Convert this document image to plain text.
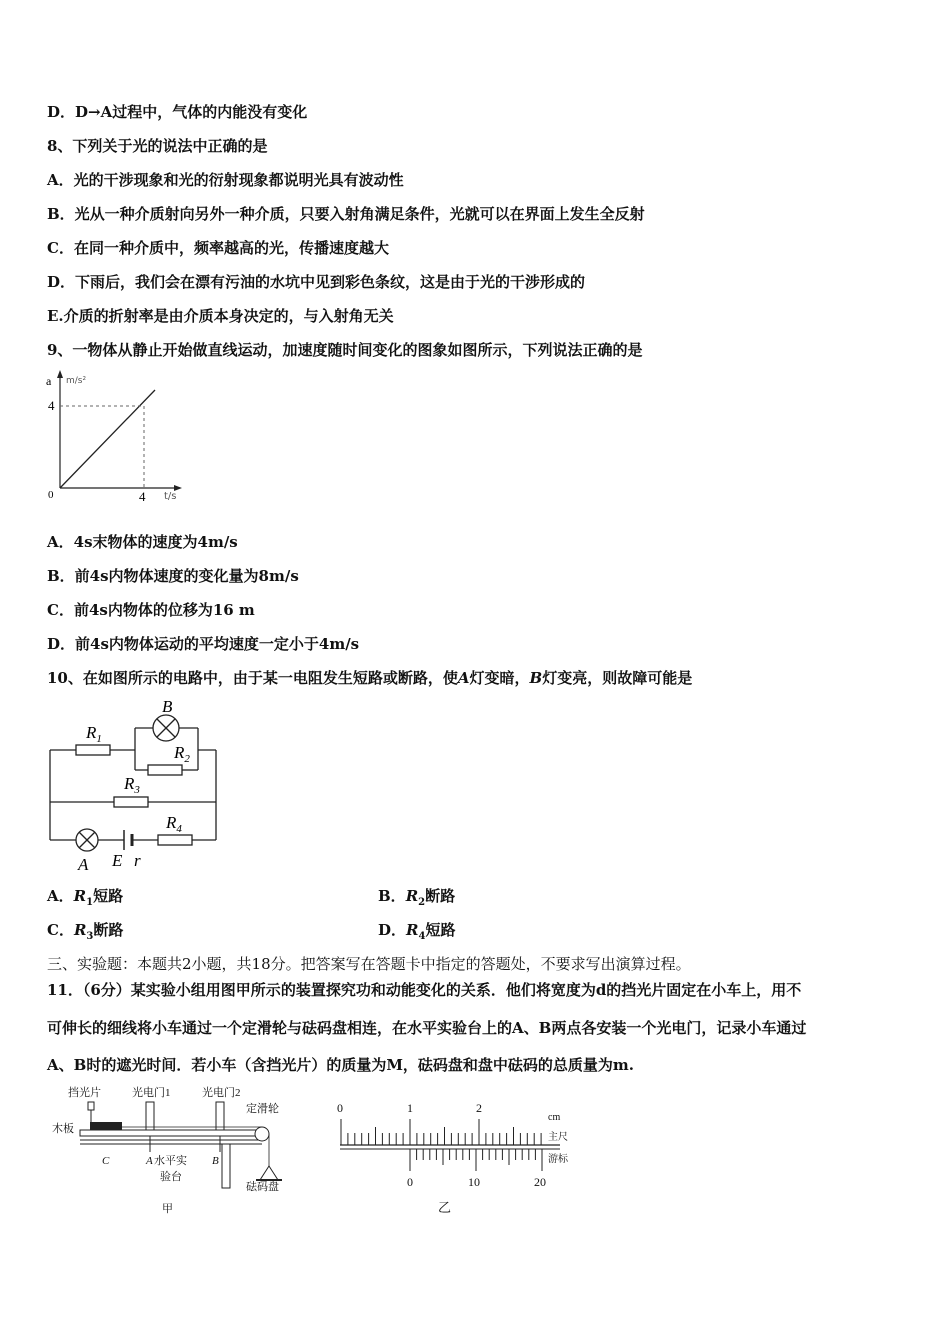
D．D→A过程中，气体的内能没有变化
8、下列关于光的说法中正确的是
A．光的干涉现象和光的衍射现象都说明光具有波动性
B．光从一种介质射向另外一种介质，只要入射角满足条件，光就可以在界面上发生全反射
C．在同一种介质中，频率越高的光，传播速度越大
D．下雨后，我们会在漂有污油的水坑中见到彩色条纹，这是由于光的干涉形成的
E.介质的折射率是由介质本身决定的，与入射角无关
9、一物体从静止开始做直线运动，加速度随时间变化的图象如图所示，下列说法正确的是
a m/s²
4
0	4 t/s
A．4s末物体的速度为4m/s
B．前4s内物体速度的变化量为8m/s
C．前4s内物体的位移为16 m
D．前4s内物体运动的平均速度一定小于4m/s
10、在如图所示的电路中，由于某一电阻发生短路或断路，使A灯变暗，B灯变亮，则故障可能是
$R_1$
$R_2$
$R_3$
$R_4$
B
A E r
A．$R_1$短路	B．$R_2$断路
C．$R_3$断路	D．$R_4$短路
三、实验题：本题共2小题，共18分。把答案写在答题卡中指定的答题处，不要求写出演算过程。
11．（6分）某实验小组用图甲所示的装置探究功和动能变化的关系．他们将宽度为d的挡光片固定在小车上，用不
可伸长的细线将小车通过一个定滑轮与砝码盘相连，在水平实验台上的A、B两点各安装一个光电门，记录小车通过
A、B时的遮光时间．若小车（含挡光片）的质量为M，砝码盘和盘中砝码的总质量为m.
挡光片	光电门1	光电门2
定滑轮
木板
水平实
验台
砝码盘
甲
C	A	B
0	1	2
0	10	20
cm
主尺
游标
乙
